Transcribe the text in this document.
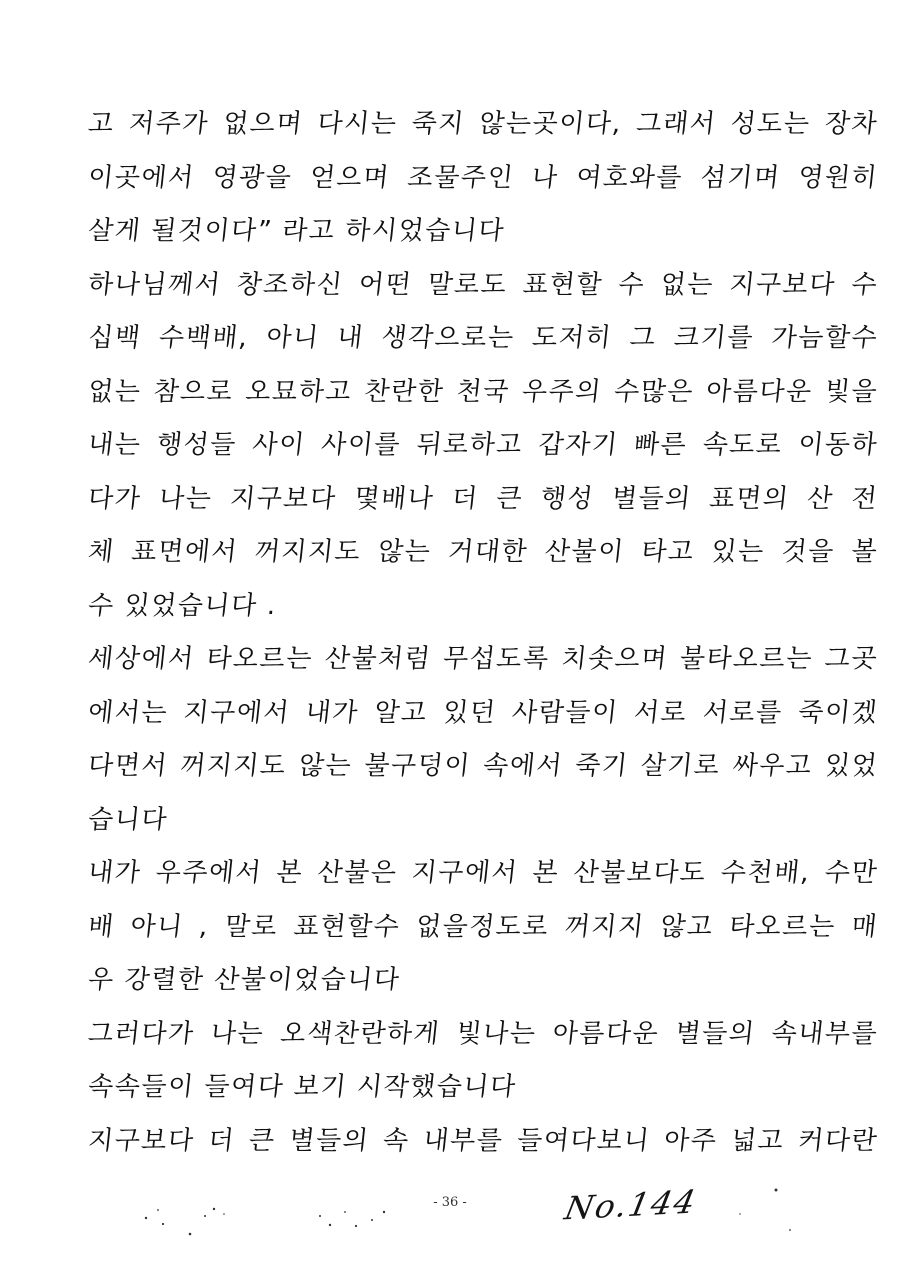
고 저주가 없으며 다시는 죽지 않는곳이다, 그래서 성도는 장차
이곳에서 영광을 얻으며 조물주인 나 여호와를 섬기며 영원히
살게 될것이다” 라고 하시었습니다
하나님께서 창조하신 어떤 말로도 표현할 수 없는 지구보다 수
십백 수백배, 아니 내 생각으로는 도저히 그 크기를 가늠할수
없는 참으로 오묘하고 찬란한 천국 우주의 수많은 아름다운 빛을
내는 행성들 사이 사이를 뒤로하고 갑자기 빠른 속도로 이동하
다가 나는 지구보다 몇배나 더 큰 행성 별들의 표면의 산 전
체 표면에서 꺼지지도 않는 거대한 산불이 타고 있는 것을 볼
수 있었습니다 .
세상에서 타오르는 산불처럼 무섭도록 치솟으며 불타오르는 그곳
에서는 지구에서 내가 알고 있던 사람들이 서로 서로를 죽이겠
다면서 꺼지지도 않는 불구덩이 속에서 죽기 살기로 싸우고 있었
습니다
내가 우주에서 본 산불은 지구에서 본 산불보다도 수천배, 수만
배 아니 , 말로 표현할수 없을정도로 꺼지지 않고 타오르는 매
우 강렬한 산불이었습니다
그러다가 나는 오색찬란하게 빛나는 아름다운 별들의 속내부를
속속들이 들여다 보기 시작했습니다
지구보다 더 큰 별들의 속 내부를 들여다보니 아주 넓고 커다란
- 36 -	No.144
